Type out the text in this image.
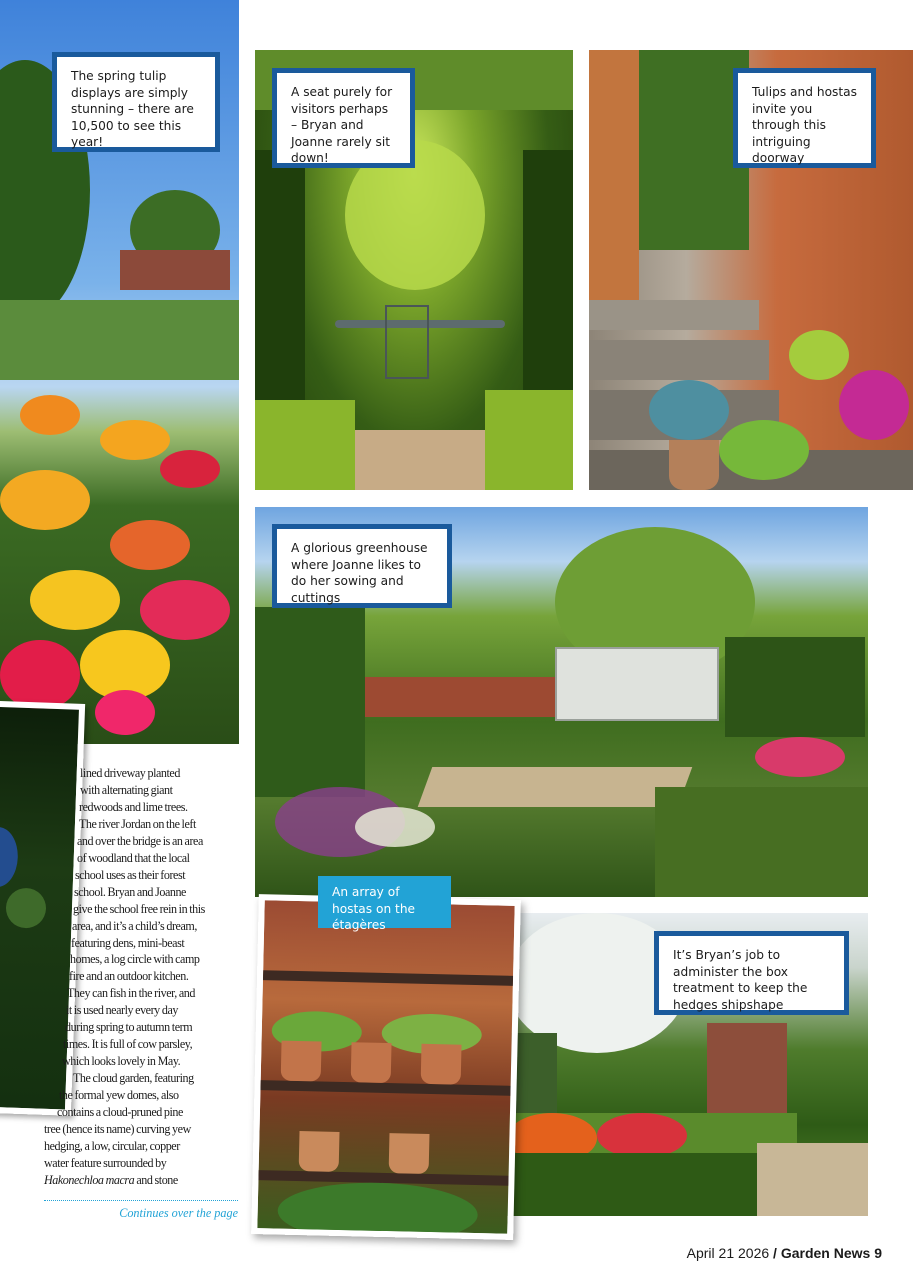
The spring tulip displays are simply stunning – there are 10,500 to see this year!
A seat purely for visitors perhaps – Bryan and Joanne rarely sit down!
Tulips and hostas invite you through this intriguing doorway
A glorious greenhouse where Joanne likes to do her sowing and cuttings
An array of hostas on the étagères
It’s Bryan’s job to administer the box treatment to keep the hedges shipshape
lined driveway planted
with alternating giant
redwoods and lime trees.
The river Jordan on the left
and over the bridge is an area
of woodland that the local
school uses as their forest
school. Bryan and Joanne
give the school free rein in this
area, and it’s a child’s dream,
featuring dens, mini-beast
homes, a log circle with camp
fire and an outdoor kitchen.
They can fish in the river, and
it is used nearly every day
during spring to autumn term
times. It is full of cow parsley,
which looks lovely in May.
The cloud garden, featuring
the formal yew domes, also
contains a cloud-pruned pine
tree (hence its name) curving yew
hedging, a low, circular, copper
water feature surrounded by
Hakonechloa macra and stone
Continues over the page
April 21 2026 / Garden News 9
